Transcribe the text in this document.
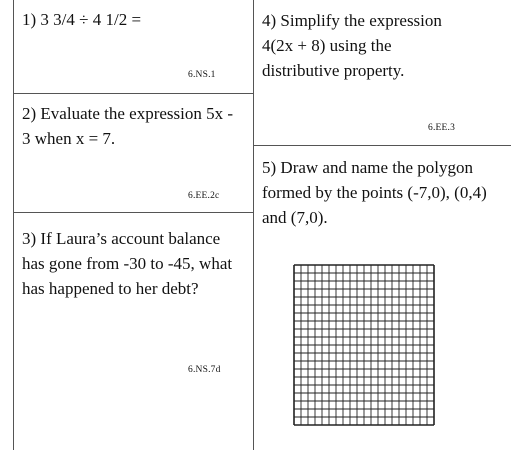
1) 3 3/4 ÷ 4 1/2 =

6.NS.1

2) Evaluate the expression 5x - 3 when x = 7.

6.EE.2c

3) If Laura’s account balance has gone from -30 to -45, what has happened to her debt?

6.NS.7d

4) Simplify the expression 4(2x + 8) using the distributive property.

6.EE.3

5) Draw and name the polygon formed by the points (-7,0), (0,4) and (7,0).
